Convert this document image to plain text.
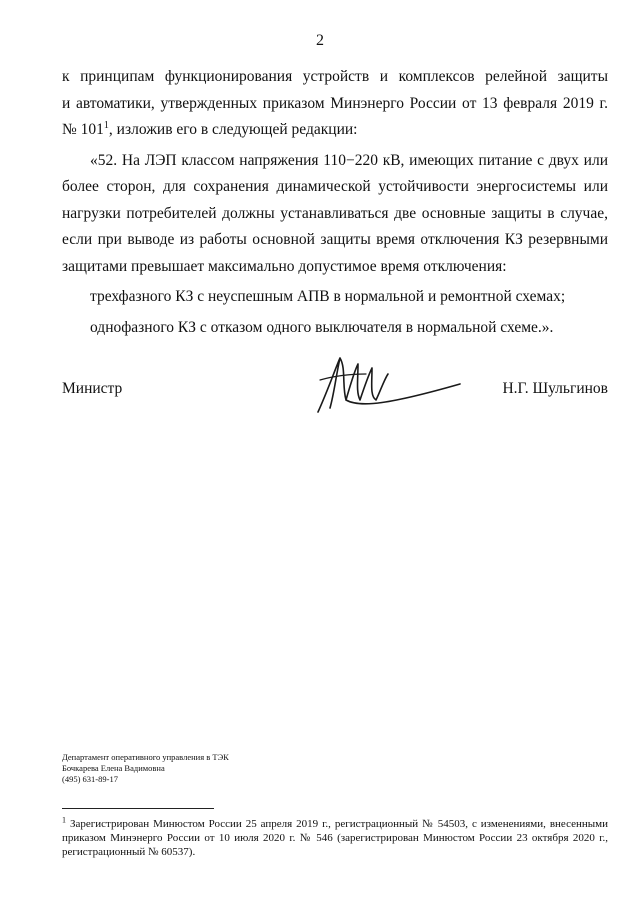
2

к принципам функционирования устройств и комплексов релейной защиты

и автоматики, утвержденных приказом Минэнерго России от 13 февраля 2019 г.

№ $101^1$, изложив его в следующей редакции:

«52. На ЛЭП классом напряжения 110−220 кВ, имеющих питание с двух или более сторон, для сохранения динамической устойчивости энергосистемы или нагрузки потребителей должны устанавливаться две основные защиты в случае, если при выводе из работы основной защиты время отключения КЗ резервными защитами превышает максимально допустимое время отключения:

трехфазного КЗ с неуспешным АПВ в нормальной и ремонтной схемах;

однофазного КЗ с отказом одного выключателя в нормальной схеме.».

Министр	Н.Г. Шульгинов
Департамент оперативного управления в ТЭК
Бочкарева Елена Вадимовна
(495) 631-89-17
$^1$ Зарегистрирован Минюстом России 25 апреля 2019 г., регистрационный № 54503, с изменениями, внесенными приказом Минэнерго России от 10 июля 2020 г. № 546 (зарегистрирован Минюстом России 23 октября 2020 г., регистрационный № 60537).
